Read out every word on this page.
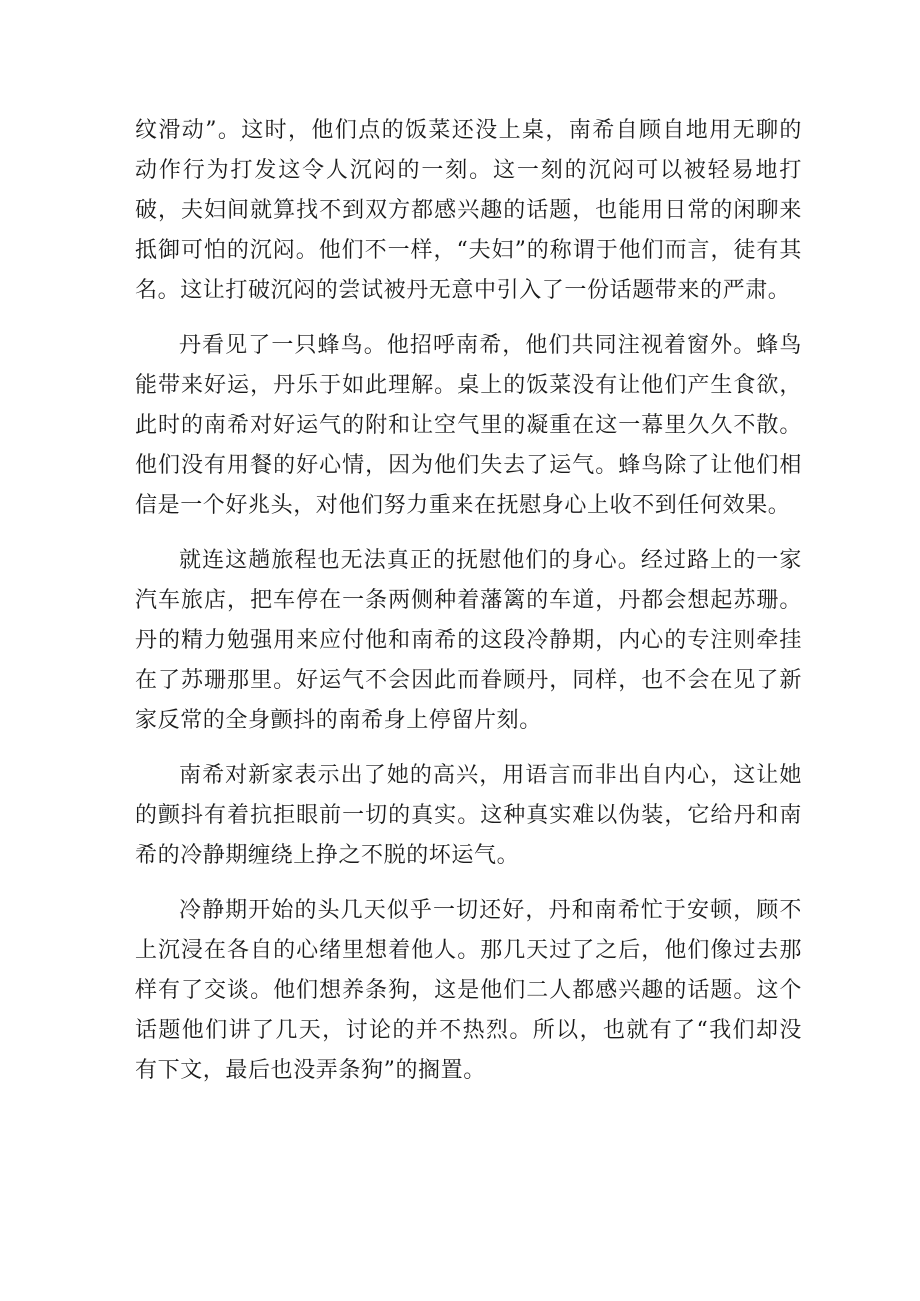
纹滑动”。这时，他们点的饭菜还没上桌，南希自顾自地用无聊的动作行为打发这令人沉闷的一刻。这一刻的沉闷可以被轻易地打破，夫妇间就算找不到双方都感兴趣的话题，也能用日常的闲聊来抵御可怕的沉闷。他们不一样，“夫妇”的称谓于他们而言，徒有其名。这让打破沉闷的尝试被丹无意中引入了一份话题带来的严肃。

丹看见了一只蜂鸟。他招呼南希，他们共同注视着窗外。蜂鸟能带来好运，丹乐于如此理解。桌上的饭菜没有让他们产生食欲，此时的南希对好运气的附和让空气里的凝重在这一幕里久久不散。他们没有用餐的好心情，因为他们失去了运气。蜂鸟除了让他们相信是一个好兆头，对他们努力重来在抚慰身心上收不到任何效果。

就连这趟旅程也无法真正的抚慰他们的身心。经过路上的一家汽车旅店，把车停在一条两侧种着藩篱的车道，丹都会想起苏珊。丹的精力勉强用来应付他和南希的这段冷静期，内心的专注则牵挂在了苏珊那里。好运气不会因此而眷顾丹，同样，也不会在见了新家反常的全身颤抖的南希身上停留片刻。

南希对新家表示出了她的高兴，用语言而非出自内心，这让她的颤抖有着抗拒眼前一切的真实。这种真实难以伪装，它给丹和南希的冷静期缠绕上挣之不脱的坏运气。

冷静期开始的头几天似乎一切还好，丹和南希忙于安顿，顾不上沉浸在各自的心绪里想着他人。那几天过了之后，他们像过去那样有了交谈。他们想养条狗，这是他们二人都感兴趣的话题。这个话题他们讲了几天，讨论的并不热烈。所以，也就有了“我们却没有下文，最后也没弄条狗”的搁置。
